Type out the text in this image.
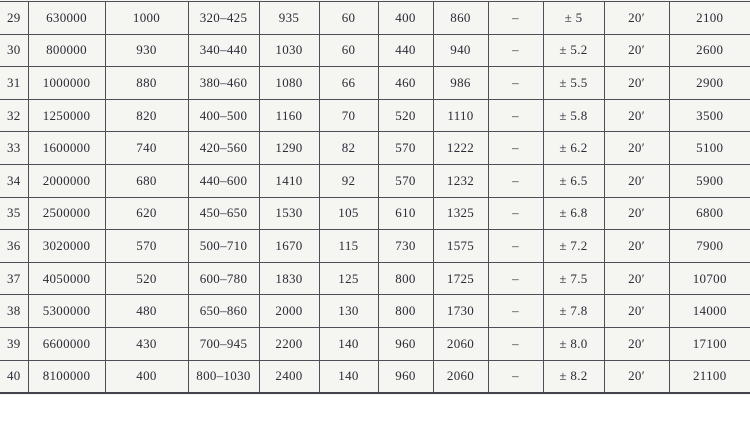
29	630000	1000	320–425	935	60	400	860	–	± 5	20′	2100
30	800000	930	340–440	1030	60	440	940	–	± 5.2	20′	2600
31	1000000	880	380–460	1080	66	460	986	–	± 5.5	20′	2900
32	1250000	820	400–500	1160	70	520	1110	–	± 5.8	20′	3500
33	1600000	740	420–560	1290	82	570	1222	–	± 6.2	20′	5100
34	2000000	680	440–600	1410	92	570	1232	–	± 6.5	20′	5900
35	2500000	620	450–650	1530	105	610	1325	–	± 6.8	20′	6800
36	3020000	570	500–710	1670	115	730	1575	–	± 7.2	20′	7900
37	4050000	520	600–780	1830	125	800	1725	–	± 7.5	20′	10700
38	5300000	480	650–860	2000	130	800	1730	–	± 7.8	20′	14000
39	6600000	430	700–945	2200	140	960	2060	–	± 8.0	20′	17100
40	8100000	400	800–1030	2400	140	960	2060	–	± 8.2	20′	21100
